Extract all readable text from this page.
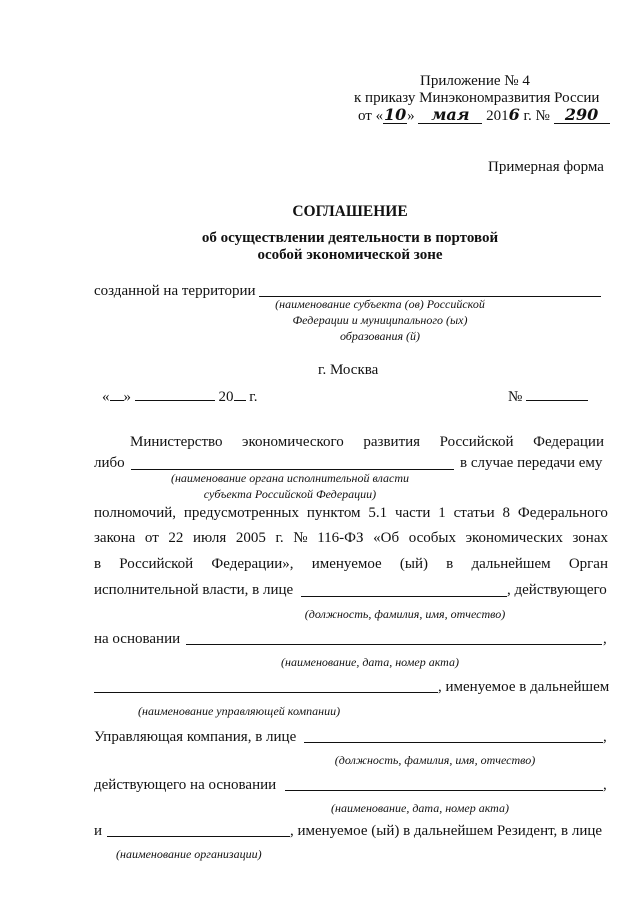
Приложение № 4
к приказу Минэкономразвития России
от «10» мая 2016 г. № 290
Примерная форма
СОГЛАШЕНИЕ
об осуществлении деятельности в портовой
особой экономической зоне
созданной на территории
(наименование субъекта (ов) Российской
Федерации и муниципального (ых)
образования (й)
г. Москва
« »	20 г.	№
Министерство экономического развития Российской Федерации
либо	в случае передачи ему
(наименование органа исполнительной власти
субъекта Российской Федерации)
полномочий, предусмотренных пунктом 5.1 части 1 статьи 8 Федерального
закона от 22 июля 2005 г. № 116-ФЗ «Об особых экономических зонах
в Российской Федерации», именуемое (ый) в дальнейшем Орган
исполнительной власти, в лице	, действующего
(должность, фамилия, имя, отчество)
на основании	,
(наименование, дата, номер акта)
, именуемое в дальнейшем
(наименование управляющей компании)
Управляющая компания, в лице	,
(должность, фамилия, имя, отчество)
действующего на основании	,
(наименование, дата, номер акта)
и	, именуемое (ый) в дальнейшем Резидент, в лице
(наименование организации)
